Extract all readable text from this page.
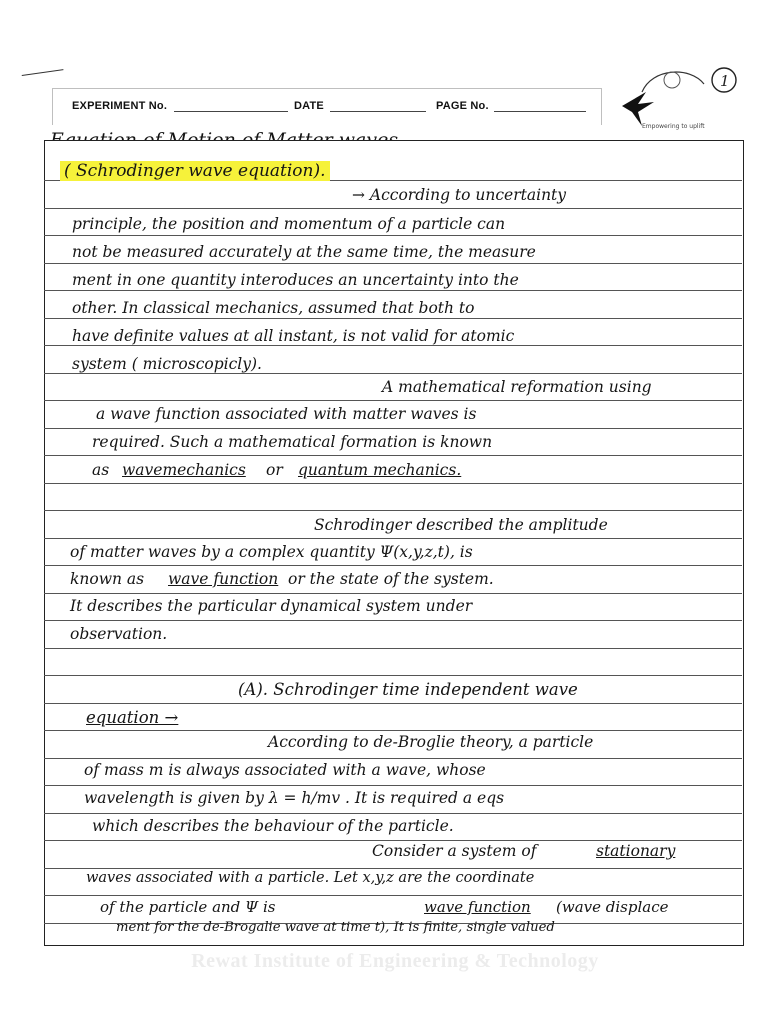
EXPERIMENT No.	DATE	PAGE No.
1
Empowering to uplift
( Schrodinger wave equation).
→ According to uncertainty
principle, the position and momentum of a particle can
not be measured accurately at the same time, the measure
ment in one quantity interoduces an uncertainty into the
other. In classical mechanics, assumed that both to
have definite values at all instant, is not valid for atomic
system ( microscopicly).
A mathematical reformation using
a wave function associated with matter waves is
required. Such a mathematical formation is known
as wavemechanics or quantum mechanics.
Schrodinger described the amplitude
of matter waves by a complex quantity Ψ(x,y,z,t), is
known as wave function or the state of the system.
It describes the particular dynamical system under
observation.
(A). Schrodinger time independent wave
equation →
According to de-Broglie theory, a particle
of mass m is always associated with a wave, whose
wavelength is given by λ = h/mv . It is required a eqs
which describes the behaviour of the particle.
Consider a system of	stationary
waves associated with a particle. Let x,y,z are the coordinate
of the particle and Ψ is	wave function (wave displace
ment for the de-Brogalie wave at time t), It is finite, single valued
Rewat Institute of Engineering & Technology
